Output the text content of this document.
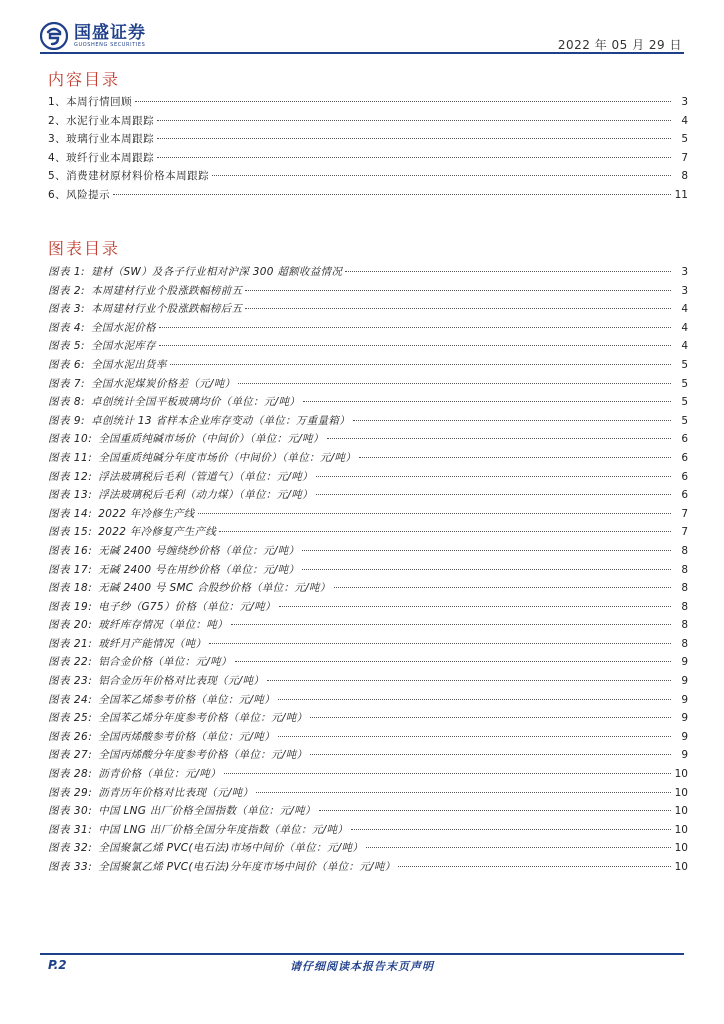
国盛证券
GUOSHENG SECURITIES	2022 年 05 月 29 日
内容目录
1、本周行情回顾	3
2、水泥行业本周跟踪	4
3、玻璃行业本周跟踪	5
4、玻纤行业本周跟踪	7
5、消费建材原材料价格本周跟踪	8
6、风险提示	11
图表目录
图表 1: 建材（SW）及各子行业相对沪深 300 超额收益情况	3
图表 2: 本周建材行业个股涨跌幅榜前五	3
图表 3: 本周建材行业个股涨跌幅榜后五	4
图表 4: 全国水泥价格	4
图表 5: 全国水泥库存	4
图表 6: 全国水泥出货率	5
图表 7: 全国水泥煤炭价格差（元/吨）	5
图表 8: 卓创统计全国平板玻璃均价（单位：元/吨）	5
图表 9: 卓创统计 13 省样本企业库存变动（单位：万重量箱）	5
图表 10: 全国重质纯碱市场价（中间价）（单位：元/吨）	6
图表 11: 全国重质纯碱分年度市场价（中间价）（单位：元/吨）	6
图表 12: 浮法玻璃税后毛利（管道气）（单位：元/吨）	6
图表 13: 浮法玻璃税后毛利（动力煤）（单位：元/吨）	6
图表 14: 2022 年冷修生产线	7
图表 15: 2022 年冷修复产生产线	7
图表 16: 无碱 2400 号缠绕纱价格（单位：元/吨）	8
图表 17: 无碱 2400 号在用纱价格（单位：元/吨）	8
图表 18: 无碱 2400 号 SMC 合股纱价格（单位：元/吨）	8
图表 19: 电子纱（G75）价格（单位：元/吨）	8
图表 20: 玻纤库存情况（单位：吨）	8
图表 21: 玻纤月产能情况（吨）	8
图表 22: 铝合金价格（单位：元/吨）	9
图表 23: 铝合金历年价格对比表现（元/吨）	9
图表 24: 全国苯乙烯参考价格（单位：元/吨）	9
图表 25: 全国苯乙烯分年度参考价格（单位：元/吨）	9
图表 26: 全国丙烯酸参考价格（单位：元/吨）	9
图表 27: 全国丙烯酸分年度参考价格（单位：元/吨）	9
图表 28: 沥青价格（单位：元/吨）	10
图表 29: 沥青历年价格对比表现（元/吨）	10
图表 30: 中国 LNG 出厂价格全国指数（单位：元/吨）	10
图表 31: 中国 LNG 出厂价格全国分年度指数（单位：元/吨）	10
图表 32: 全国聚氯乙烯 PVC(电石法)市场中间价（单位：元/吨）	10
图表 33: 全国聚氯乙烯 PVC(电石法)分年度市场中间价（单位：元/吨）	10
P.2	请仔细阅读本报告末页声明
